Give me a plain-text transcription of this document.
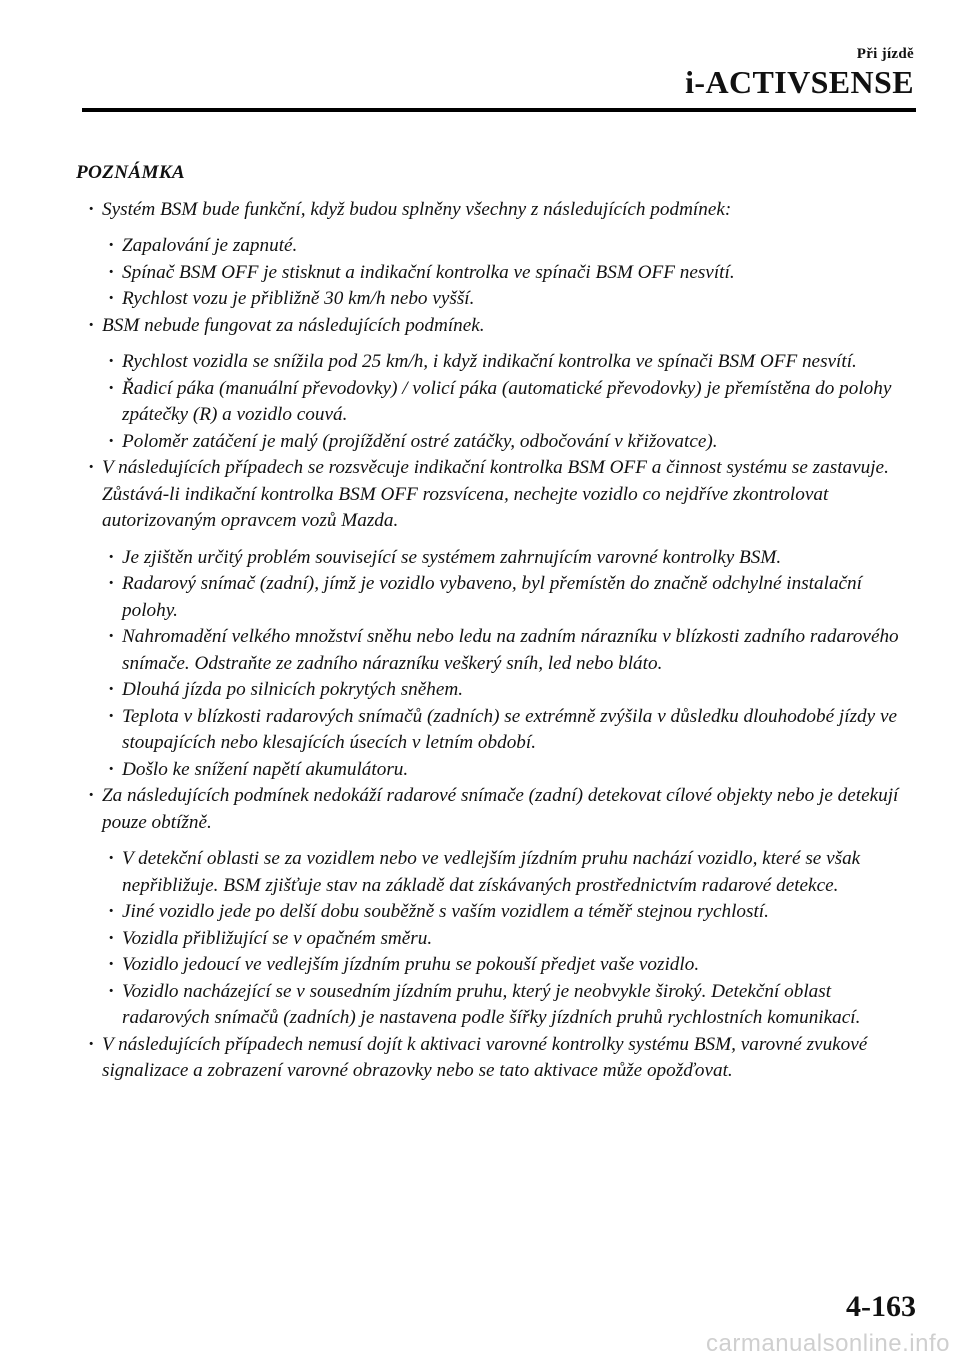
Při jízdě
i-ACTIVSENSE

POZNÁMKA

· Systém BSM bude funkční, když budou splněny všechny z následujících podmínek:

· Zapalování je zapnuté.

· Spínač BSM OFF je stisknut a indikační kontrolka ve spínači BSM OFF nesvítí.

· Rychlost vozu je přibližně 30 km/h nebo vyšší.

· BSM nebude fungovat za následujících podmínek.

· Rychlost vozidla se snížila pod 25 km/h, i když indikační kontrolka ve spínači BSM OFF nesvítí.

· Řadicí páka (manuální převodovky) / volicí páka (automatické převodovky) je přemístěna do polohy zpátečky (R) a vozidlo couvá.

· Poloměr zatáčení je malý (projíždění ostré zatáčky, odbočování v křižovatce).

· V následujících případech se rozsvěcuje indikační kontrolka BSM OFF a činnost systému se zastavuje. Zůstává-li indikační kontrolka BSM OFF rozsvícena, nechejte vozidlo co nejdříve zkontrolovat autorizovaným opravcem vozů Mazda.

· Je zjištěn určitý problém související se systémem zahrnujícím varovné kontrolky BSM.

· Radarový snímač (zadní), jímž je vozidlo vybaveno, byl přemístěn do značně odchylné instalační polohy.

· Nahromadění velkého množství sněhu nebo ledu na zadním nárazníku v blízkosti zadního radarového snímače. Odstraňte ze zadního nárazníku veškerý sníh, led nebo bláto.

· Dlouhá jízda po silnicích pokrytých sněhem.

· Teplota v blízkosti radarových snímačů (zadních) se extrémně zvýšila v důsledku dlouhodobé jízdy ve stoupajících nebo klesajících úsecích v letním období.

· Došlo ke snížení napětí akumulátoru.

· Za následujících podmínek nedokáží radarové snímače (zadní) detekovat cílové objekty nebo je detekují pouze obtížně.

· V detekční oblasti se za vozidlem nebo ve vedlejším jízdním pruhu nachází vozidlo, které se však nepřibližuje. BSM zjišťuje stav na základě dat získávaných prostřednictvím radarové detekce.

· Jiné vozidlo jede po delší dobu souběžně s vaším vozidlem a téměř stejnou rychlostí.

· Vozidla přibližující se v opačném směru.

· Vozidlo jedoucí ve vedlejším jízdním pruhu se pokouší předjet vaše vozidlo.

· Vozidlo nacházející se v sousedním jízdním pruhu, který je neobvykle široký. Detekční oblast radarových snímačů (zadních) je nastavena podle šířky jízdních pruhů rychlostních komunikací.

· V následujících případech nemusí dojít k aktivaci varovné kontrolky systému BSM, varovné zvukové signalizace a zobrazení varovné obrazovky nebo se tato aktivace může opožďovat.

4-163
carmanualsonline.info
